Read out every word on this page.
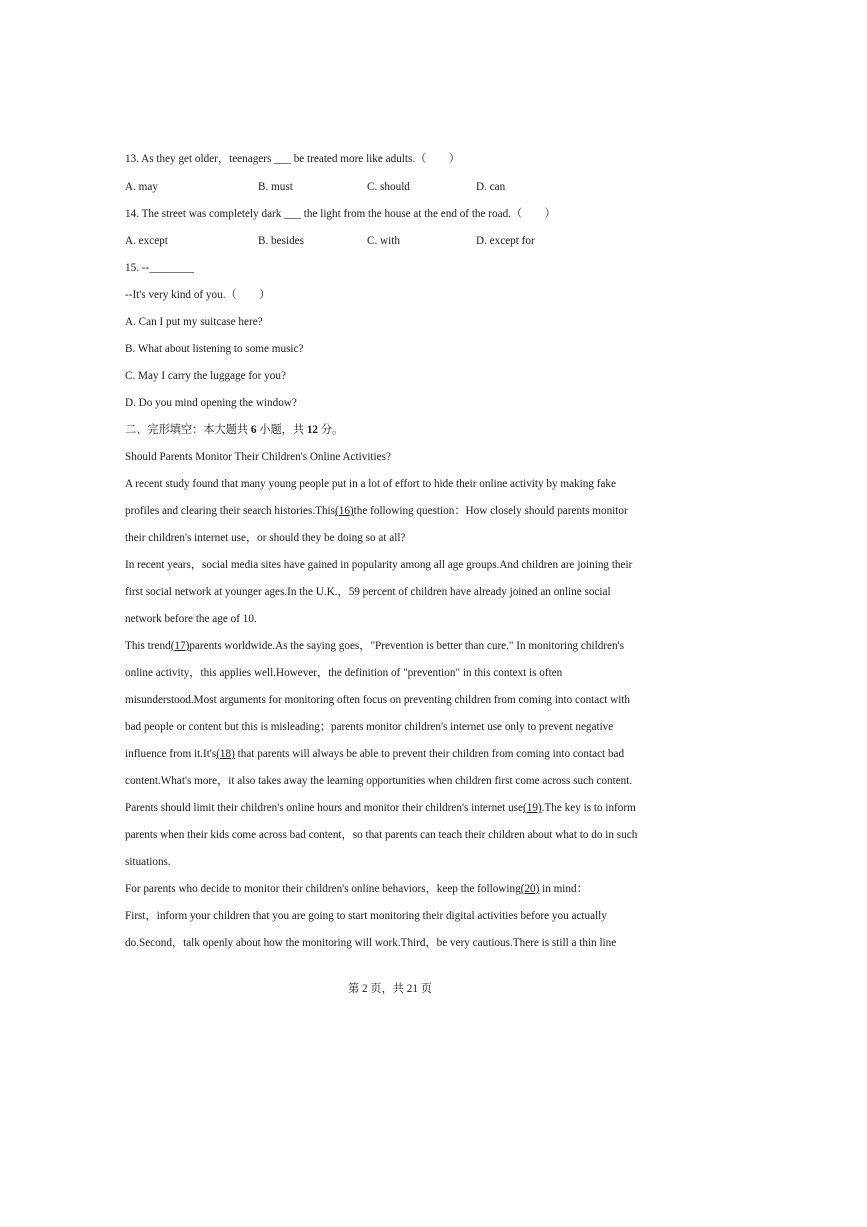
13. As they get older，teenagers ___ be treated more like adults.（　　）
A. may	B. must	C. should	D. can
14. The street was completely dark ___ the light from the house at the end of the road.（　　）
A. except	B. besides	C. with	D. except for
15. --________
--It's very kind of you.（　　）
A. Can I put my suitcase here?
B. What about listening to some music?
C. May I carry the luggage for you?
D. Do you mind opening the window?
二、完形填空：本大题共 6 小题，共 12 分。
Should Parents Monitor Their Children's Online Activities?
A recent study found that many young people put in a lot of effort to hide their online activity by making fake
profiles and clearing their search histories.This(16)the following question：How closely should parents monitor
their children's internet use，or should they be doing so at all?
In recent years，social media sites have gained in popularity among all age groups.And children are joining their
first social network at younger ages.In the U.K.，59 percent of children have already joined an online social
network before the age of 10.
This trend(17)parents worldwide.As the saying goes，"Prevention is better than cure." In monitoring children's
online activity，this applies well.However，the definition of "prevention" in this context is often
misunderstood.Most arguments for monitoring often focus on preventing children from coming into contact with
bad people or content but this is misleading；parents monitor children's internet use only to prevent negative
influence from it.It's(18) that parents will always be able to prevent their children from coming into contact bad
content.What's more，it also takes away the learning opportunities when children first come across such content.
Parents should limit their children's online hours and monitor their children's internet use(19).The key is to inform
parents when their kids come across bad content，so that parents can teach their children about what to do in such
situations.
For parents who decide to monitor their children's online behaviors，keep the following(20) in mind：
First，inform your children that you are going to start monitoring their digital activities before you actually
do.Second，talk openly about how the monitoring will work.Third，be very cautious.There is still a thin line
第 2 页，共 21 页
